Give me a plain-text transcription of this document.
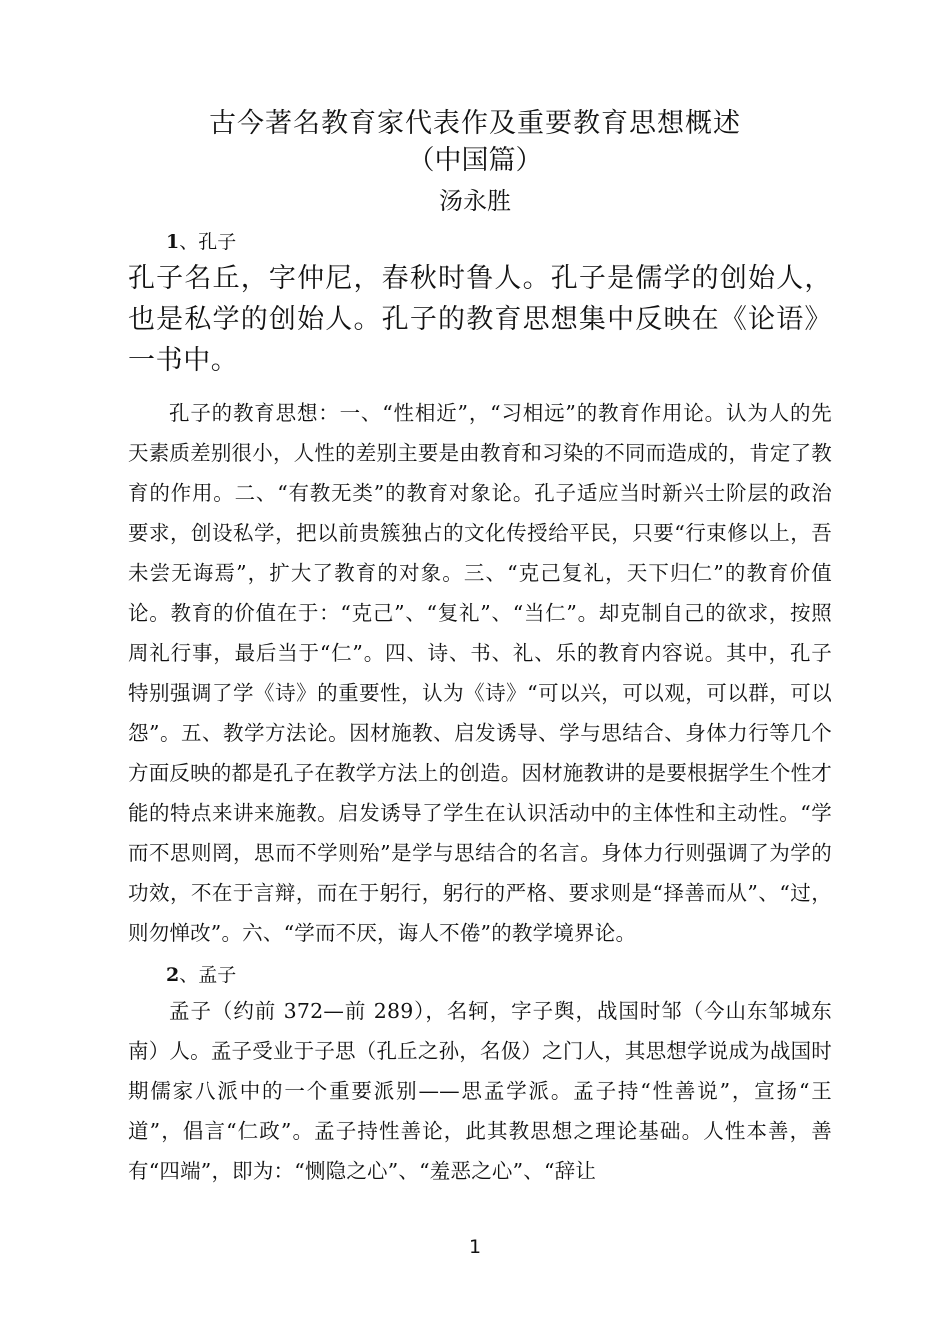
古今著名教育家代表作及重要教育思想概述
（中国篇）
汤永胜

1、孔子

孔子名丘，字仲尼，春秋时鲁人。孔子是儒学的创始人，也是私学的创始人。孔子的教育思想集中反映在《论语》一书中。

孔子的教育思想：一、“性相近”，“习相远”的教育作用论。认为人的先天素质差别很小，人性的差别主要是由教育和习染的不同而造成的，肯定了教育的作用。二、“有教无类”的教育对象论。孔子适应当时新兴士阶层的政治要求，创设私学，把以前贵簇独占的文化传授给平民，只要“行束修以上，吾未尝无诲焉”，扩大了教育的对象。三、“克己复礼，天下归仁”的教育价值论。教育的价值在于：“克己”、“复礼”、“当仁”。却克制自己的欲求，按照周礼行事，最后当于“仁”。四、诗、书、礼、乐的教育内容说。其中，孔子特别强调了学《诗》的重要性，认为《诗》“可以兴，可以观，可以群，可以怨”。五、教学方法论。因材施教、启发诱导、学与思结合、身体力行等几个方面反映的都是孔子在教学方法上的创造。因材施教讲的是要根据学生个性才能的特点来讲来施教。启发诱导了学生在认识活动中的主体性和主动性。“学而不思则罔，思而不学则殆”是学与思结合的名言。身体力行则强调了为学的功效，不在于言辩，而在于躬行，躬行的严格、要求则是“择善而从”、“过，则勿惮改”。六、“学而不厌，诲人不倦”的教学境界论。

2、孟子

孟子（约前 372—前 289），名轲，字子舆，战国时邹（今山东邹城东南）人。孟子受业于子思（孔丘之孙，名伋）之门人，其思想学说成为战国时期儒家八派中的一个重要派别——思孟学派。孟子持“性善说”，宣扬“王道”，倡言“仁政”。孟子持性善论，此其教思想之理论基础。人性本善，善有“四端”，即为：“恻隐之心”、“羞恶之心”、“辞让

1
